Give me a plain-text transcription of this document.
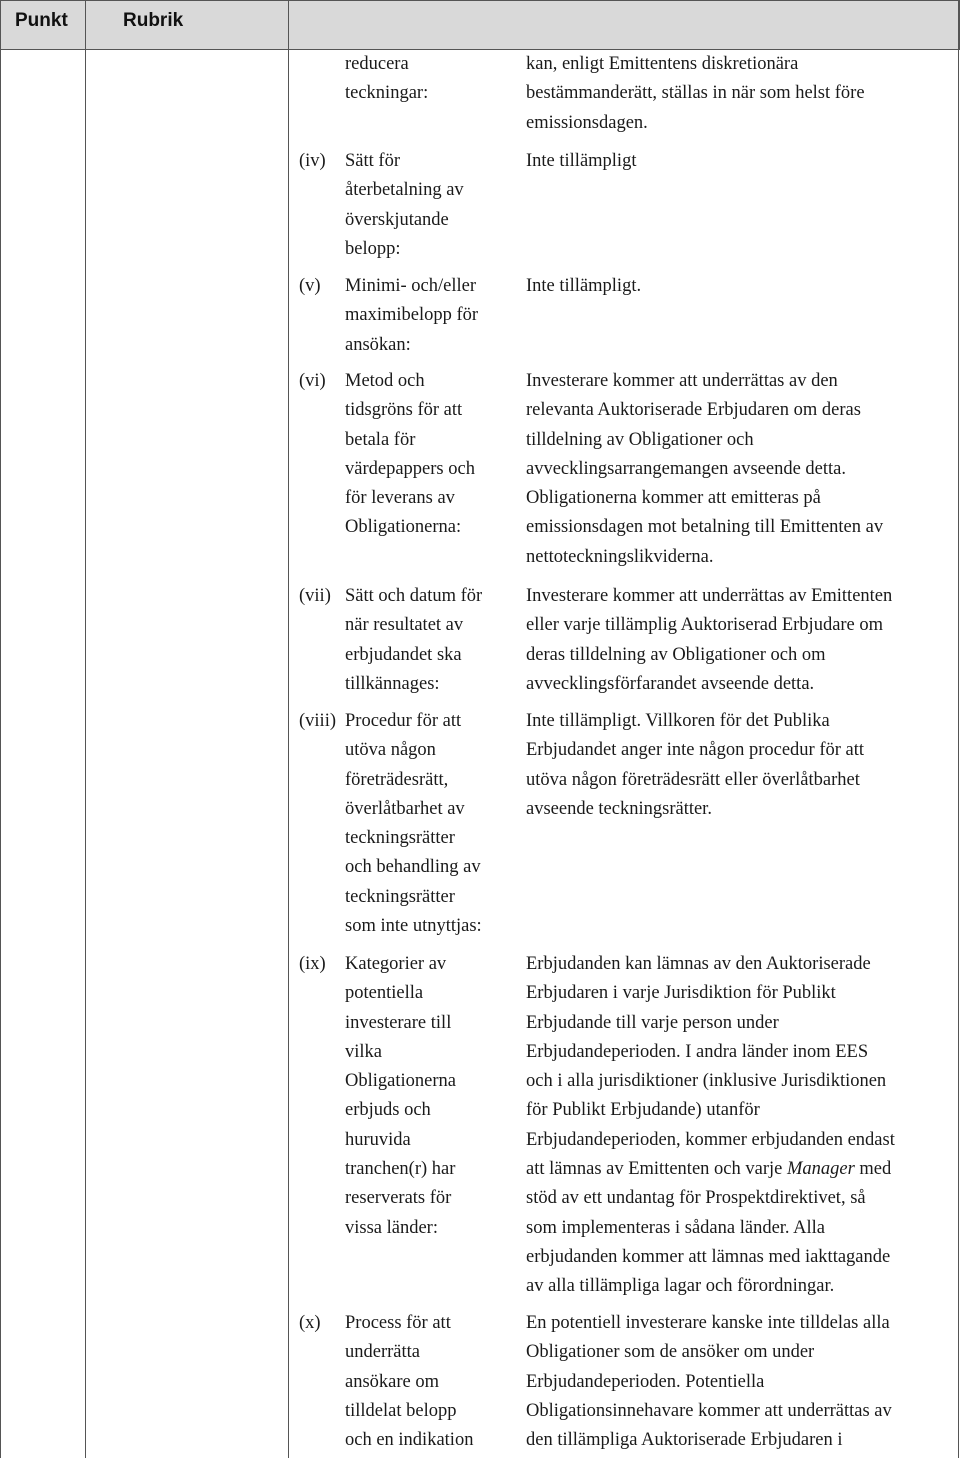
Punkt	Rubrik
reducera
teckningar:
kan, enligt Emittentens diskretionära
bestämmanderätt, ställas in när som helst före
emissionsdagen.
(iv) Sätt för
återbetalning av
överskjutande
belopp:
Inte tillämpligt
(v) Minimi- och/eller
maximibelopp för
ansökan:
Inte tillämpligt.
(vi) Metod och
tidsgröns för att
betala för
värdepappers och
för leverans av
Obligationerna:
Investerare kommer att underrättas av den
relevanta Auktoriserade Erbjudaren om deras
tilldelning av Obligationer och
avvecklingsarrangemangen avseende detta.
Obligationerna kommer att emitteras på
emissionsdagen mot betalning till Emittenten av
nettoteckningslikviderna.
(vii) Sätt och datum för
när resultatet av
erbjudandet ska
tillkännages:
Investerare kommer att underrättas av Emittenten
eller varje tillämplig Auktoriserad Erbjudare om
deras tilldelning av Obligationer och om
avvecklingsförfarandet avseende detta.
(viii) Procedur för att
utöva någon
företrädesrätt,
överlåtbarhet av
teckningsrätter
och behandling av
teckningsrätter
som inte utnyttjas:
Inte tillämpligt. Villkoren för det Publika
Erbjudandet anger inte någon procedur för att
utöva någon företrädesrätt eller överlåtbarhet
avseende teckningsrätter.
(ix) Kategorier av
potentiella
investerare till
vilka
Obligationerna
erbjuds och
huruvida
tranchen(r) har
reserverats för
vissa länder:
Erbjudanden kan lämnas av den Auktoriserade
Erbjudaren i varje Jurisdiktion för Publikt
Erbjudande till varje person under
Erbjudandeperioden. I andra länder inom EES
och i alla jurisdiktioner (inklusive Jurisdiktionen
för Publikt Erbjudande) utanför
Erbjudandeperioden, kommer erbjudanden endast
att lämnas av Emittenten och varje Manager med
stöd av ett undantag för Prospektdirektivet, så
som implementeras i sådana länder. Alla
erbjudanden kommer att lämnas med iakttagande
av alla tillämpliga lagar och förordningar.
(x) Process för att
underrätta
ansökare om
tilldelat belopp
och en indikation
En potentiell investerare kanske inte tilldelas alla
Obligationer som de ansöker om under
Erbjudandeperioden. Potentiella
Obligationsinnehavare kommer att underrättas av
den tillämpliga Auktoriserade Erbjudaren i
